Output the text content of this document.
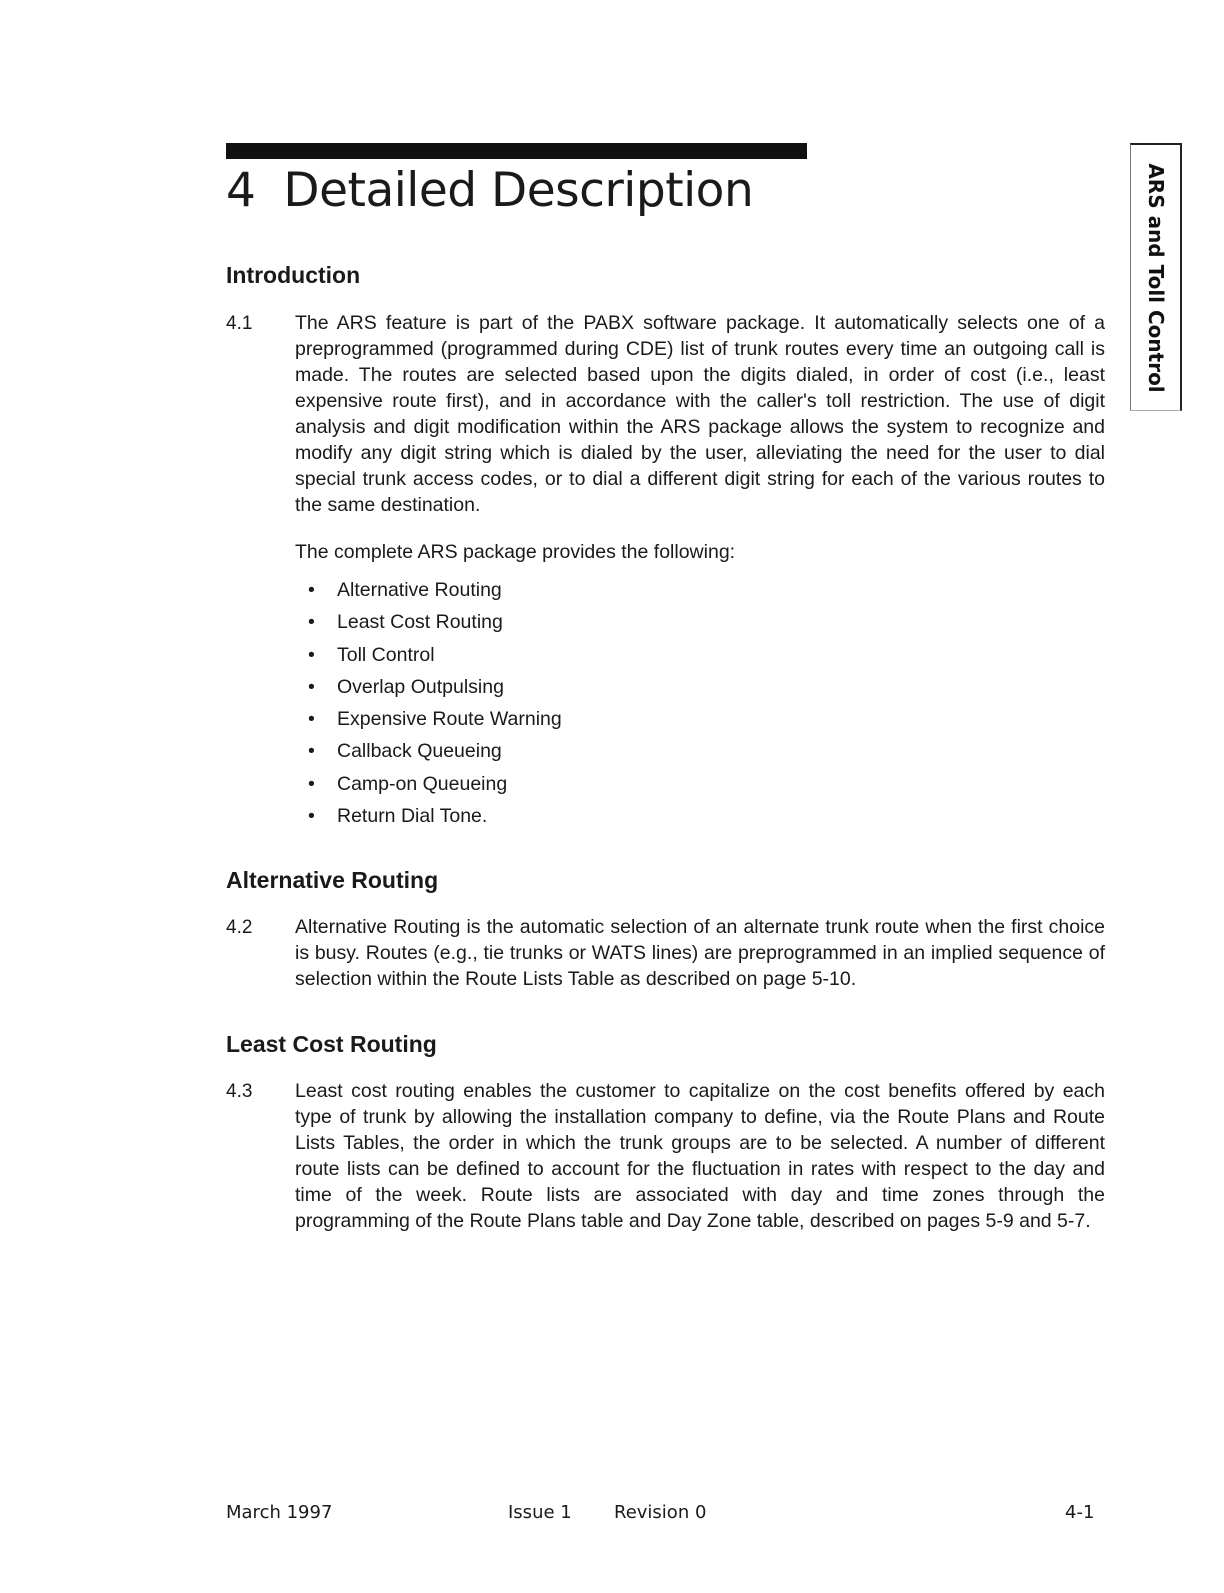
4 Detailed Description	ARS and Toll Control
Introduction
4.1 The ARS feature is part of the PABX software package. It automatically selects one of a preprogrammed (programmed during CDE) list of trunk routes every time an outgoing call is made. The routes are selected based upon the digits dialed, in order of cost (i.e., least expensive route first), and in accordance with the caller's toll restriction. The use of digit analysis and digit modification within the ARS package allows the system to recognize and modify any digit string which is dialed by the user, alleviating the need for the user to dial special trunk access codes, or to dial a different digit string for each of the various routes to the same destination.

The complete ARS package provides the following:

• Alternative Routing
• Least Cost Routing
• Toll Control
• Overlap Outpulsing
• Expensive Route Warning
• Callback Queueing
• Camp-on Queueing
• Return Dial Tone.
Alternative Routing
4.2 Alternative Routing is the automatic selection of an alternate trunk route when the first choice is busy. Routes (e.g., tie trunks or WATS lines) are preprogrammed in an implied sequence of selection within the Route Lists Table as described on page 5-10.

Least Cost Routing
4.3 Least cost routing enables the customer to capitalize on the cost benefits offered by each type of trunk by allowing the installation company to define, via the Route Plans and Route Lists Tables, the order in which the trunk groups are to be selected. A number of different route lists can be defined to account for the fluctuation in rates with respect to the day and time of the week. Route lists are associated with day and time zones through the programming of the Route Plans table and Day Zone table, described on pages 5-9 and 5-7.

March 1997	Issue 1 Revision 0	4-1
